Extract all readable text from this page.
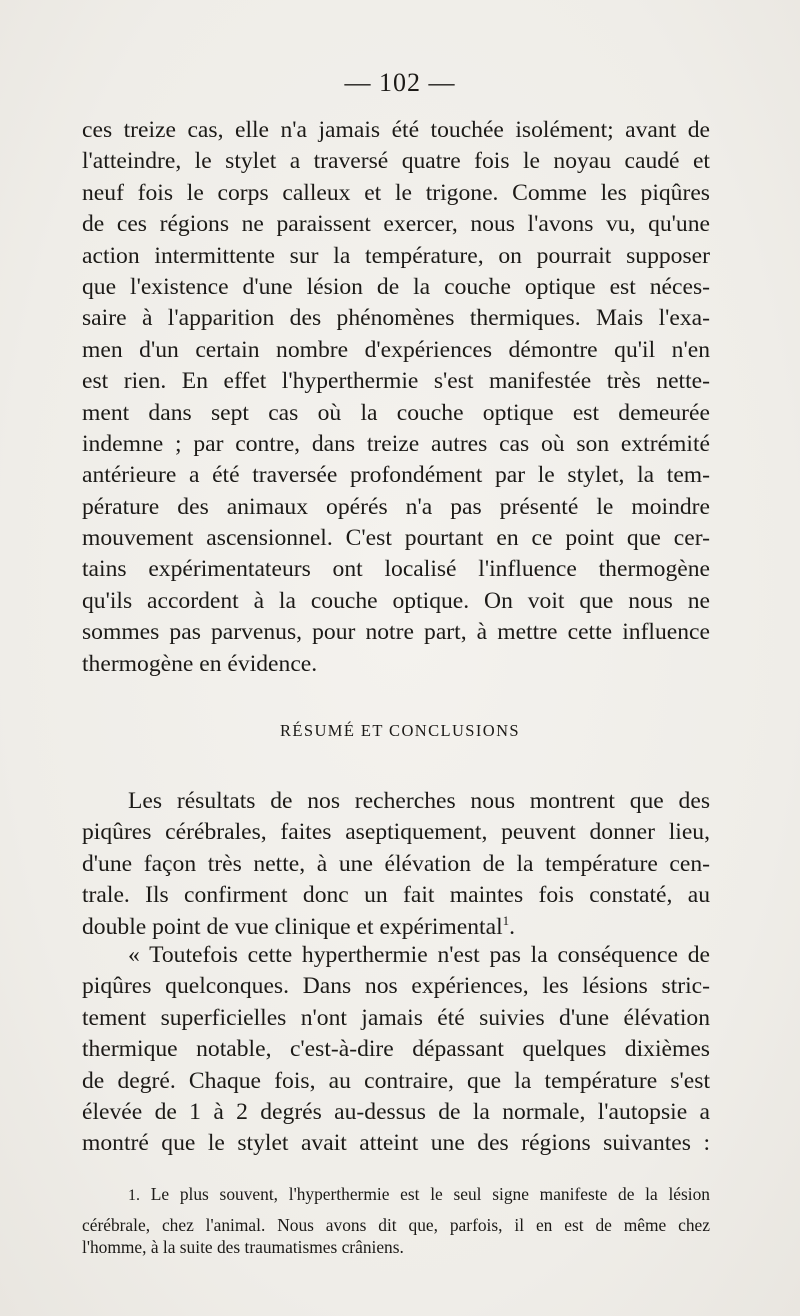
— 102 —
ces treize cas, elle n'a jamais été touchée isolément; avant de
l'atteindre, le stylet a traversé quatre fois le noyau caudé et
neuf fois le corps calleux et le trigone. Comme les piqûres
de ces régions ne paraissent exercer, nous l'avons vu, qu'une
action intermittente sur la température, on pourrait supposer
que l'existence d'une lésion de la couche optique est néces-
saire à l'apparition des phénomènes thermiques. Mais l'exa-
men d'un certain nombre d'expériences démontre qu'il n'en
est rien. En effet l'hyperthermie s'est manifestée très nette-
ment dans sept cas où la couche optique est demeurée
indemne ; par contre, dans treize autres cas où son extrémité
antérieure a été traversée profondément par le stylet, la tem-
pérature des animaux opérés n'a pas présenté le moindre
mouvement ascensionnel. C'est pourtant en ce point que cer-
tains expérimentateurs ont localisé l'influence thermogène
qu'ils accordent à la couche optique. On voit que nous ne
sommes pas parvenus, pour notre part, à mettre cette influence
thermogène en évidence.
RÉSUMÉ ET CONCLUSIONS
Les résultats de nos recherches nous montrent que des
piqûres cérébrales, faites aseptiquement, peuvent donner lieu,
d'une façon très nette, à une élévation de la température cen-
trale. Ils confirment donc un fait maintes fois constaté, au
double point de vue clinique et expérimental$^1$.
« Toutefois cette hyperthermie n'est pas la conséquence de
piqûres quelconques. Dans nos expériences, les lésions stric-
tement superficielles n'ont jamais été suivies d'une élévation
thermique notable, c'est-à-dire dépassant quelques dixièmes
de degré. Chaque fois, au contraire, que la température s'est
élevée de 1 à 2 degrés au-dessus de la normale, l'autopsie a
montré que le stylet avait atteint une des régions suivantes :
1. Le plus souvent, l'hyperthermie est le seul signe manifeste de la lésion
cérébrale, chez l'animal. Nous avons dit que, parfois, il en est de même chez
l'homme, à la suite des traumatismes crâniens.
